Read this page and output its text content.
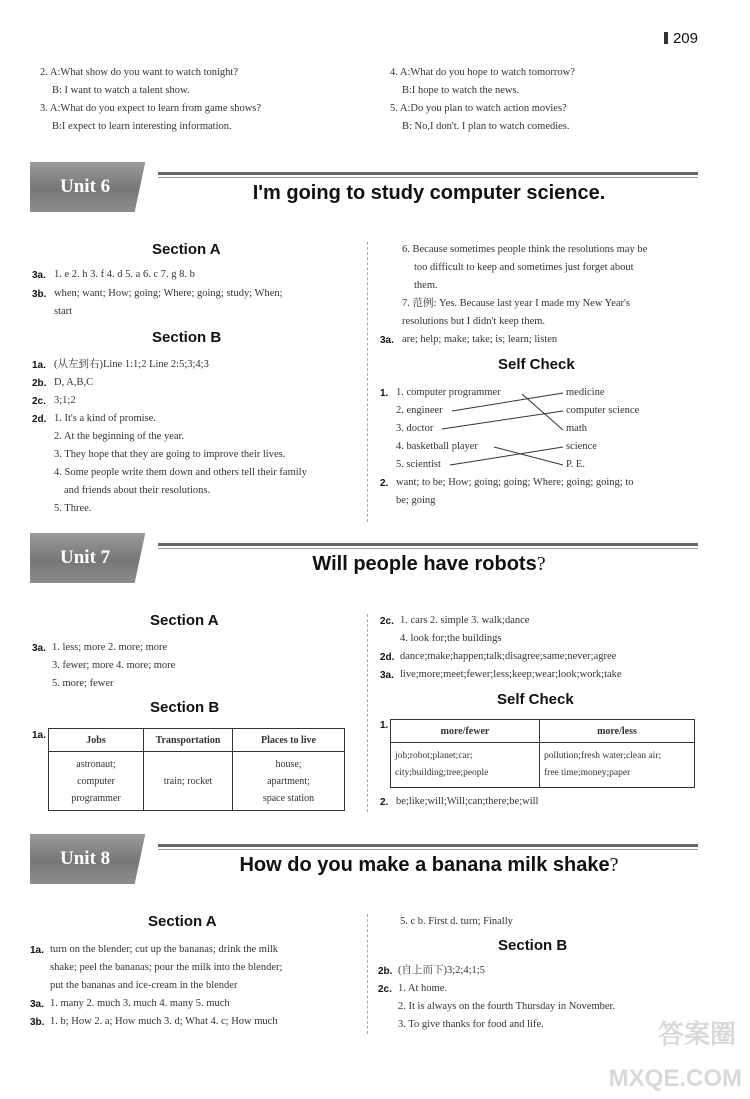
209
2. A:What show do you want to watch tonight?
B: I want to watch a talent show.
3. A:What do you expect to learn from game shows?
B:I expect to learn interesting information.
4. A:What do you hope to watch tomorrow?
B:I hope to watch the news.
5. A:Do you plan to watch action movies?
B: No,I don't. I plan to watch comedies.
Unit 6	I'm going to study computer science.
Section A
3a. 1. e 2. h 3. f 4. d 5. a 6. c 7. g 8. b
3b. when; want; How; going; Where; going; study; When;
start
Section B
1a. (从左到右)Line 1:1;2 Line 2:5;3;4;3
2b. D, A,B,C
2c. 3;1;2
2d. 1. It's a kind of promise.
2. At the beginning of the year.
3. They hope that they are going to improve their lives.
4. Some people write them down and others tell their family
and friends about their resolutions.
5. Three.
6. Because sometimes people think the resolutions may be
too difficult to keep and sometimes just forget about
them.
7. 范例: Yes. Because last year I made my New Year's
resolutions but I didn't keep them.
3a. are; help; make; take; is; learn; listen
Self Check
1. 1. computer programmer
2. engineer
3. doctor
4. basketball player
5. scientist
medicine
computer science
math
science
P. E.
2. want; to be; How; going; going; Where; going; going; to
be; going
Unit 7	Will people have robots?
Section A
3a. 1. less; more 2. more; more
3. fewer; more 4. more; more
5. more; fewer
Section B
1a.	Jobs	Transportation	Places to live
astronaut;
computer
programmer	train; rocket	house;
apartment;
space station
2c. 1. cars 2. simple 3. walk;dance
4. look for;the buildings
2d. dance;make;happen;talk;disagree;same;never;agree
3a. live;more;meet;fewer;less;keep;wear;look;work;take
Self Check
1.	more/fewer	more/less
job;robot;planet;car;
city;building;tree;people	pollution;fresh water;clean air;
free time;money;paper
2. be;like;will;Will;can;there;be;will
Unit 8	How do you make a banana milk shake?
Section A
1a. turn on the blender; cut up the bananas; drink the milk
shake; peel the bananas; pour the milk into the blender;
put the bananas and ice-cream in the blender
3a. 1. many 2. much 3. much 4. many 5. much
3b. 1. b; How 2. a; How much 3. d; What 4. c; How much
5. c b. First d. turn; Finally
Section B
2b. (自上而下)3;2;4;1;5
2c. 1. At home.
2. It is always on the fourth Thursday in November.
3. To give thanks for food and life.	答案圈
MXQE.COM
